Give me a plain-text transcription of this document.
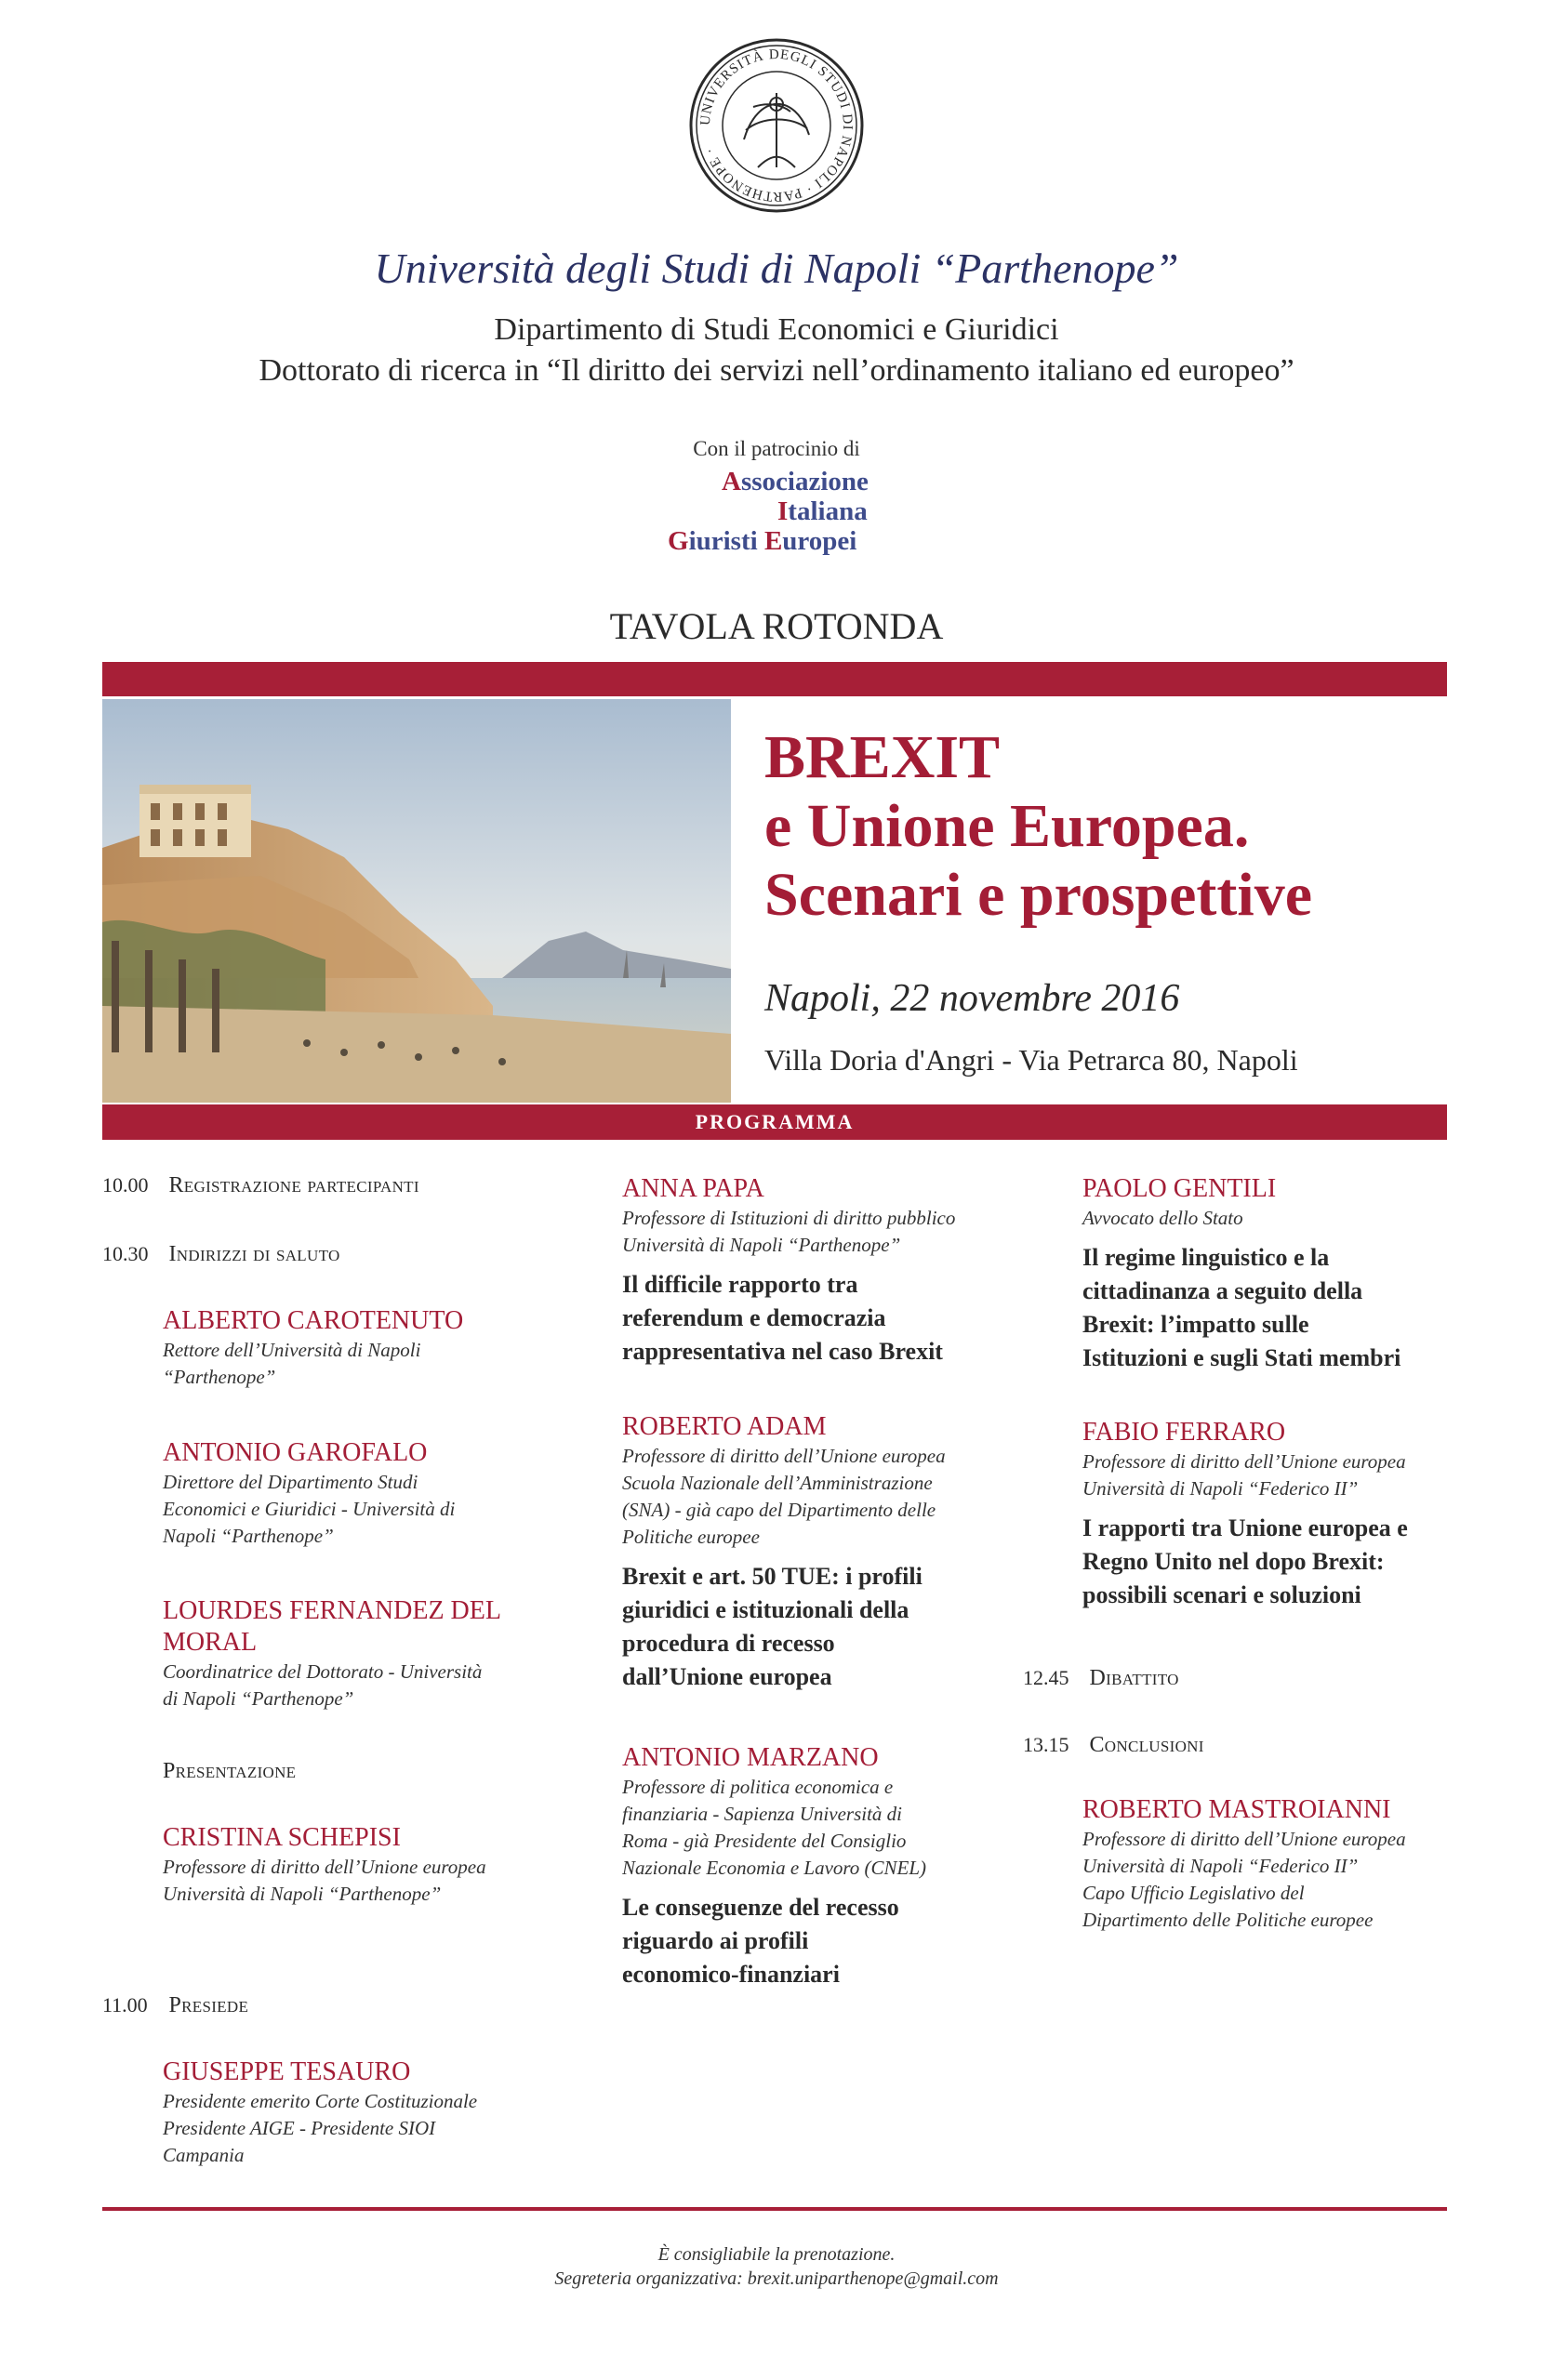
UNIVERSITÀ DEGLI STUDI DI NAPOLI · PARTHENOPE ·
Università degli Studi di Napoli “Parthenope”
Dipartimento di Studi Economici e Giuridici
Dottorato di ricerca in “Il diritto dei servizi nell’ordinamento italiano ed europeo”
Con il patrocinio di
Associazione
Italiana
Giuristi Europei
TAVOLA ROTONDA
BREXIT
e Unione Europea.
Scenari e prospettive
Napoli, 22 novembre 2016
Villa Doria d'Angri - Via Petrarca 80, Napoli
PROGRAMMA
10.00 Registrazione partecipanti
10.30 Indirizzi di saluto
ALBERTO CAROTENUTO
Rettore dell’Università di Napoli
“Parthenope”
ANTONIO GAROFALO
Direttore del Dipartimento Studi
Economici e Giuridici - Università di
Napoli “Parthenope”
LOURDES FERNANDEZ DEL
MORAL
Coordinatrice del Dottorato - Università
di Napoli “Parthenope”
Presentazione
CRISTINA SCHEPISI
Professore di diritto dell’Unione europea
Università di Napoli “Parthenope”
11.00 Presiede
GIUSEPPE TESAURO
Presidente emerito Corte Costituzionale
Presidente AIGE - Presidente SIOI
Campania
ANNA PAPA
Professore di Istituzioni di diritto pubblico
Università di Napoli “Parthenope”
Il difficile rapporto tra
referendum e democrazia
rappresentativa nel caso Brexit
ROBERTO ADAM
Professore di diritto dell’Unione europea
Scuola Nazionale dell’Amministrazione
(SNA) - già capo del Dipartimento delle
Politiche europee
Brexit e art. 50 TUE: i profili
giuridici e istituzionali della
procedura di recesso
dall’Unione europea
ANTONIO MARZANO
Professore di politica economica e
finanziaria - Sapienza Università di
Roma - già Presidente del Consiglio
Nazionale Economia e Lavoro (CNEL)
Le conseguenze del recesso
riguardo ai profili
economico-finanziari
PAOLO GENTILI
Avvocato dello Stato
Il regime linguistico e la
cittadinanza a seguito della
Brexit: l’impatto sulle
Istituzioni e sugli Stati membri
FABIO FERRARO
Professore di diritto dell’Unione europea
Università di Napoli “Federico II”
I rapporti tra Unione europea e
Regno Unito nel dopo Brexit:
possibili scenari e soluzioni
12.45 Dibattito
13.15 Conclusioni
ROBERTO MASTROIANNI
Professore di diritto dell’Unione europea
Università di Napoli “Federico II”
Capo Ufficio Legislativo del
Dipartimento delle Politiche europee
È consigliabile la prenotazione.
Segreteria organizzativa: brexit.uniparthenope@gmail.com
